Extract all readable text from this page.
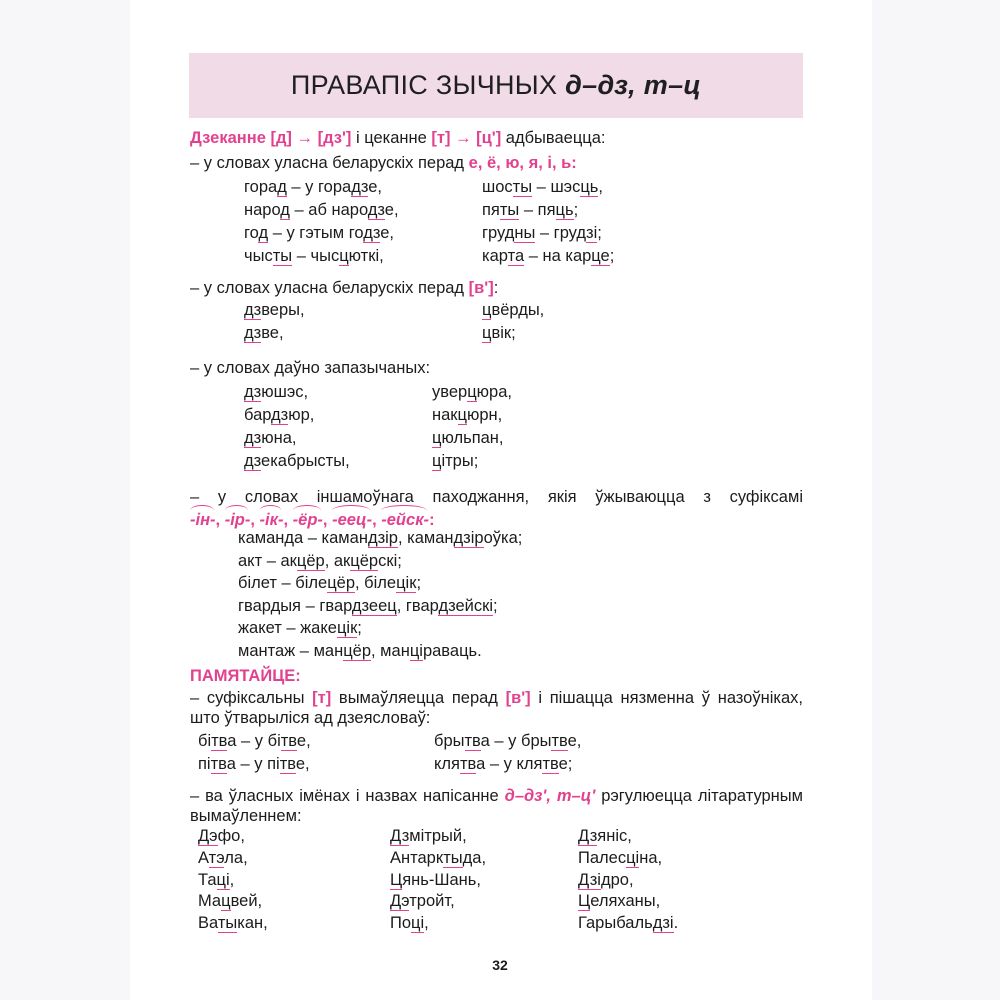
ПРАВАПІС ЗЫЧНЫХ д–дз, т–ц
Дзеканне [д] → [дз'] і цеканне [т] → [ц'] адбываецца:
– у словах уласна беларускіх перад е, ё, ю, я, і, ь:
горад – у горадзе,
народ – аб народзе,
год – у гэтым годзе,
чысты – чысцюткі,
шосты – шэсць,
пяты – пяць;
грудны – грудзі;
карта – на карце;
– у словах уласна беларускіх перад [в']:
дзверы,
дзве,
цвёрды,
цвік;
– у словах даўно запазычаных:
дзюшэс,
бардзюр,
дзюна,
дзекабрысты,
уверцюра,
накцюрн,
цюльпан,
цітры;
– у словах іншамоўнага паходжання, якія ўжываюцца з суфіксамі
-ін-, -ір-, -ік-, -ёр-, -еец-, -ейск-:
каманда – камандзір, камандзіроўка;
акт – акцёр, акцёрскі;
білет – білецёр, білецік;
гвардыя – гвардзеец, гвардзейскі;
жакет – жакецік;
мантаж – манцёр, манціраваць.
ПАМЯТАЙЦЕ:
– суфіксальны [т] вымаўляецца перад [в'] і пішацца нязменна ў назоўніках,
што ўтварыліся ад дзеясловаў:
бітва – у бітве,
пітва – у пітве,
брытва – у брытве,
клятва – у клятве;
– ва ўласных імёнах і назвах напісанне д–дз', т–ц' рэгулюецца літаратурным
вымаўленнем:
Дэфо,
Атэла,
Таці,
Мацвей,
Ватыкан,
Дзмітрый,
Антарктыда,
Цянь-Шань,
Дэтройт,
Поці,
Дзяніс,
Палесціна,
Дзідро,
Целяханы,
Гарыбальдзі.
32
